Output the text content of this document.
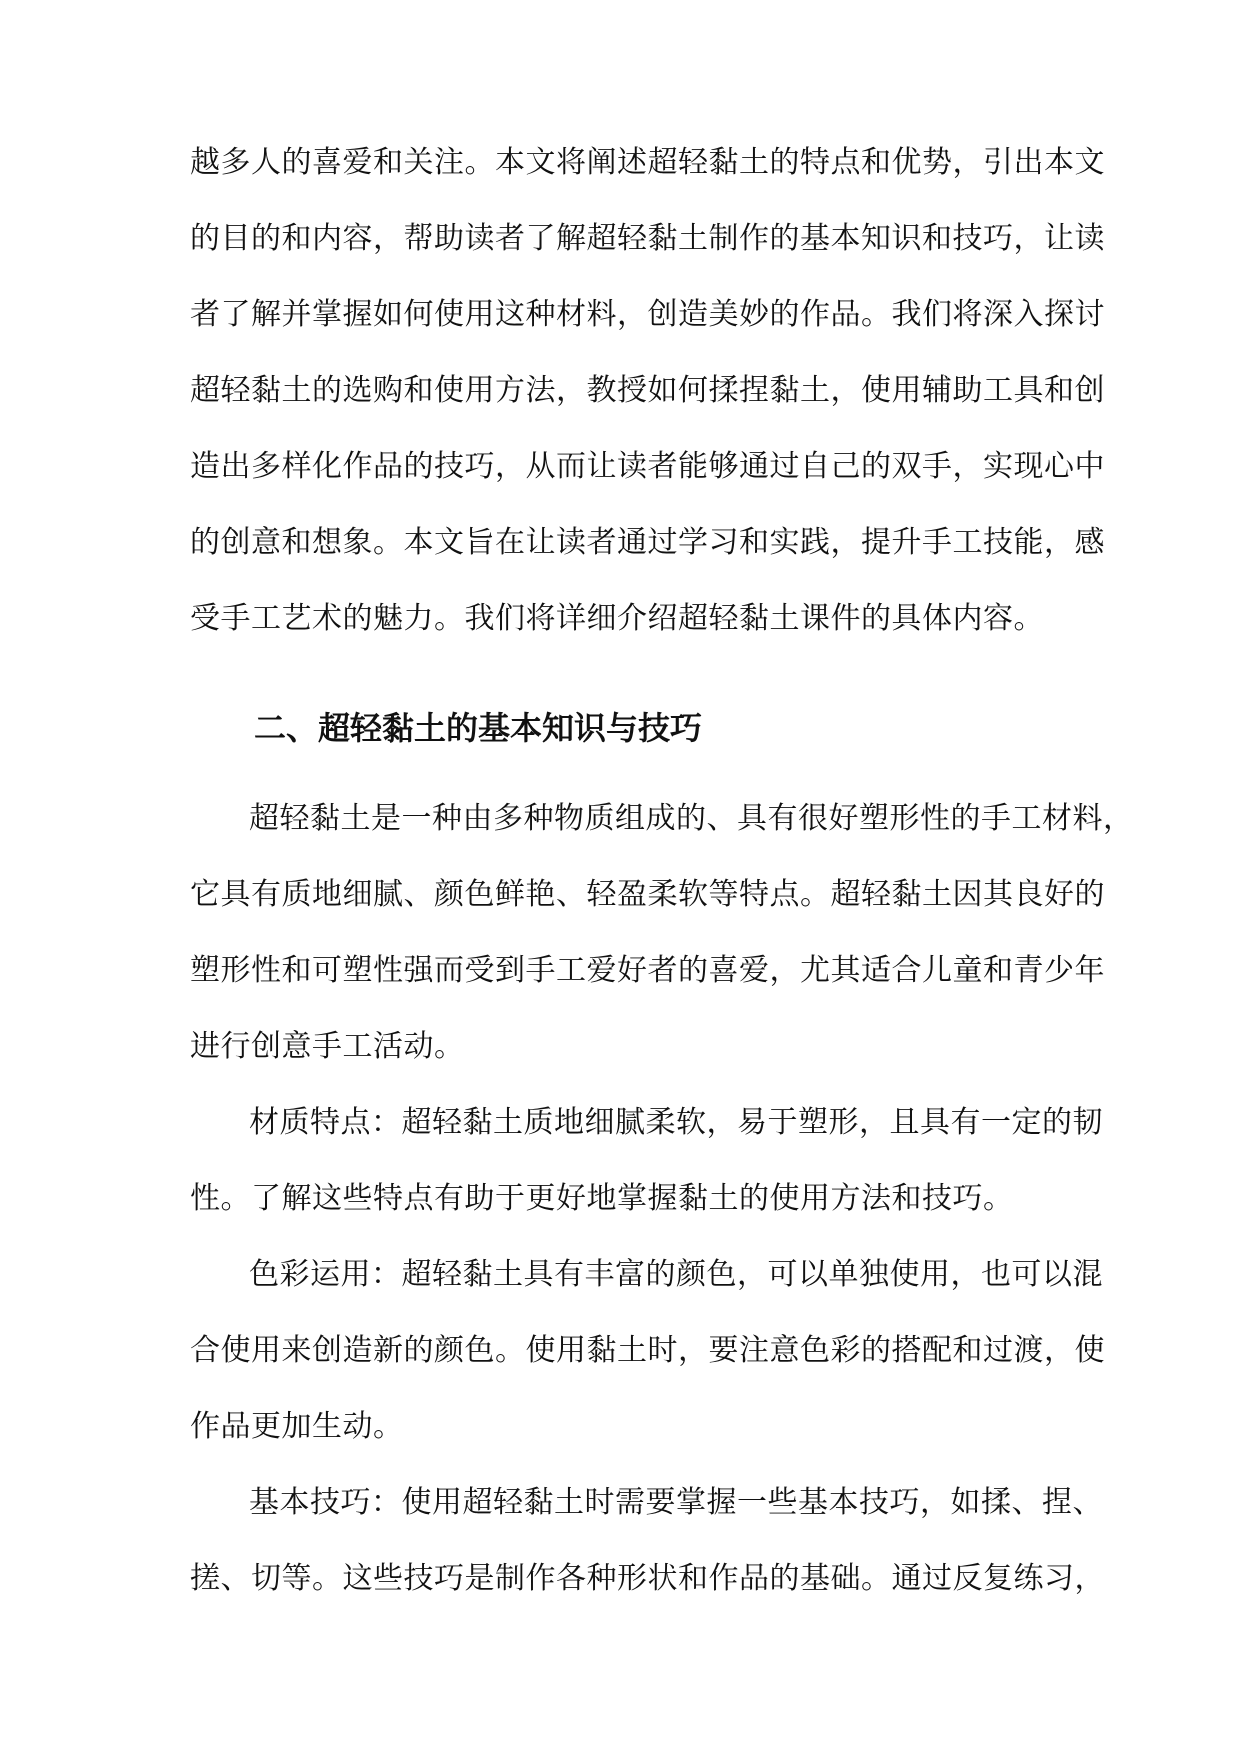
越多人的喜爱和关注。本文将阐述超轻黏土的特点和优势，引出本文
的目的和内容，帮助读者了解超轻黏土制作的基本知识和技巧，让读
者了解并掌握如何使用这种材料，创造美妙的作品。我们将深入探讨
超轻黏土的选购和使用方法，教授如何揉捏黏土，使用辅助工具和创
造出多样化作品的技巧，从而让读者能够通过自己的双手，实现心中
的创意和想象。本文旨在让读者通过学习和实践，提升手工技能，感
受手工艺术的魅力。我们将详细介绍超轻黏土课件的具体内容。
二、超轻黏土的基本知识与技巧
超轻黏土是一种由多种物质组成的、具有很好塑形性的手工材料，
它具有质地细腻、颜色鲜艳、轻盈柔软等特点。超轻黏土因其良好的
塑形性和可塑性强而受到手工爱好者的喜爱，尤其适合儿童和青少年
进行创意手工活动。
材质特点：超轻黏土质地细腻柔软，易于塑形，且具有一定的韧
性。了解这些特点有助于更好地掌握黏土的使用方法和技巧。
色彩运用：超轻黏土具有丰富的颜色，可以单独使用，也可以混
合使用来创造新的颜色。使用黏土时，要注意色彩的搭配和过渡，使
作品更加生动。
基本技巧：使用超轻黏土时需要掌握一些基本技巧，如揉、捏、
搓、切等。这些技巧是制作各种形状和作品的基础。通过反复练习，
